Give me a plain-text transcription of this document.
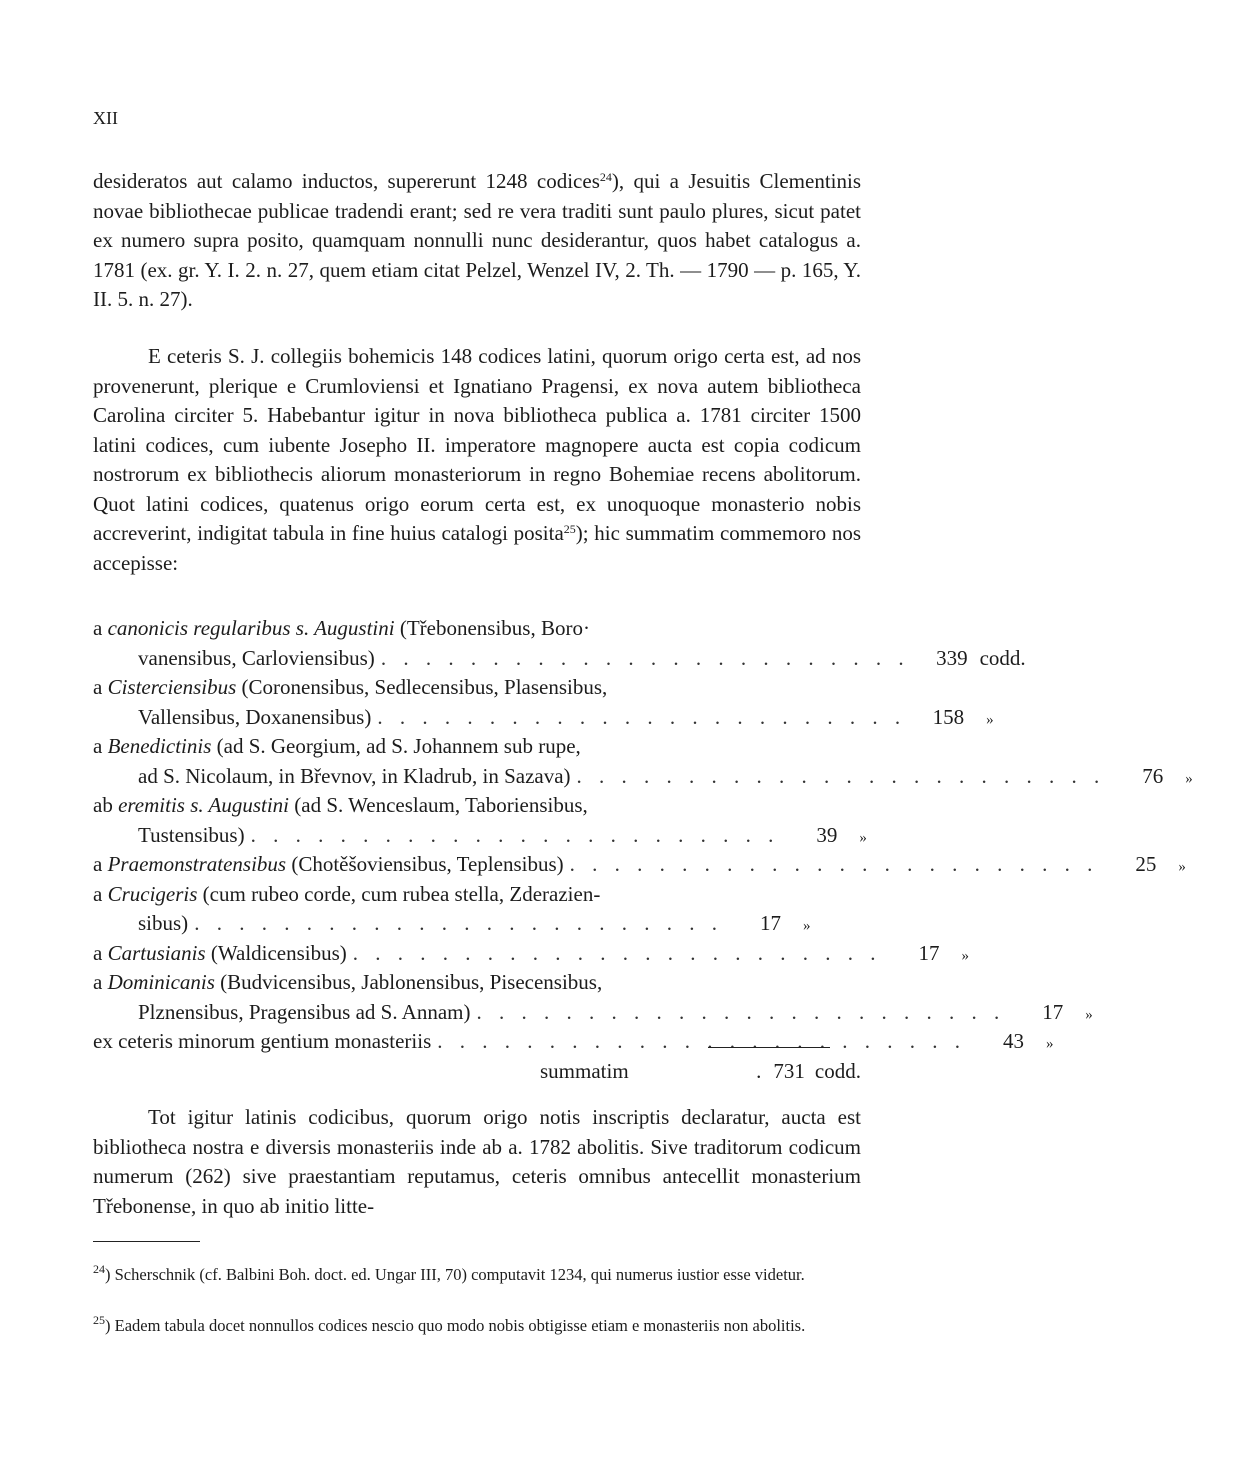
XII
desideratos aut calamo inductos, supererunt 1248 codices$^{24}$), qui a Jesuitis Clementinis novae bibliothecae publicae tradendi erant; sed re vera traditi sunt paulo plures, sicut patet ex numero supra posito, quamquam nonnulli nunc desiderantur, quos habet catalogus a. 1781 (ex. gr. Y. I. 2. n. 27, quem etiam citat Pelzel, Wenzel IV, 2. Th. — 1790 — p. 165, Y. II. 5. n. 27).
E ceteris S. J. collegiis bohemicis 148 codices latini, quorum origo certa est, ad nos provenerunt, plerique e Crumloviensi et Ignatiano Pragensi, ex nova autem bibliotheca Carolina circiter 5. Habebantur igitur in nova bibliotheca publica a. 1781 circiter 1500 latini codices, cum iubente Josepho II. imperatore magnopere aucta est copia codicum nostrorum ex bibliothecis aliorum monasteriorum in regno Bohemiae recens abolitorum. Quot latini codices, quatenus origo eorum certa est, ex unoquoque monasterio nobis accreverint, indigitat tabula in fine huius catalogi posita$^{25}$); hic summatim commemoro nos accepisse:
a canonicis regularibus s. Augustini (Třebonensibus, Boro·
vanensibus, Carloviensibus) . . . . . . . . . . . . . . . . . . . . . . . .	339 codd.
a Cisterciensibus (Coronensibus, Sedlecensibus, Plasensibus,
Vallensibus, Doxanensibus) . . . . . . . . . . . . . . . . . . . . . . . .	158	»
a Benedictinis (ad S. Georgium, ad S. Johannem sub rupe,
ad S. Nicolaum, in Břevnov, in Kladrub, in Sazava) . . . . . . . . . . . . . . . . . . . . . . . .	76	»
ab eremitis s. Augustini (ad S. Wenceslaum, Taboriensibus,
Tustensibus) . . . . . . . . . . . . . . . . . . . . . . . .	39	»
a Praemonstratensibus (Chotěšoviensibus, Teplensibus) . . . . . . . . . . . . . . . . . . . . . . . .	25	»
a Crucigeris (cum rubeo corde, cum rubea stella, Zderazien-
sibus) . . . . . . . . . . . . . . . . . . . . . . . .	17	»
a Cartusianis (Waldicensibus) . . . . . . . . . . . . . . . . . . . . . . . .	17	»
a Dominicanis (Budvicensibus, Jablonensibus, Pisecensibus,
Plznensibus, Pragensibus ad S. Annam) . . . . . . . . . . . . . . . . . . . . . . . .	17	»
ex ceteris minorum gentium monasteriis . . . . . . . . . . . . . . . . . . . . . . . .	43	»
summatim	. 731 codd.
Tot igitur latinis codicibus, quorum origo notis inscriptis declaratur, aucta est bibliotheca nostra e diversis monasteriis inde ab a. 1782 abolitis. Sive traditorum codicum numerum (262) sive praestantiam reputamus, ceteris omnibus antecellit monasterium Třebonense, in quo ab initio litte-
$^{24}$) Scherschnik (cf. Balbini Boh. doct. ed. Ungar III, 70) computavit 1234, qui numerus iustior esse videtur.
$^{25}$) Eadem tabula docet nonnullos codices nescio quo modo nobis obtigisse etiam e monasteriis non abolitis.
